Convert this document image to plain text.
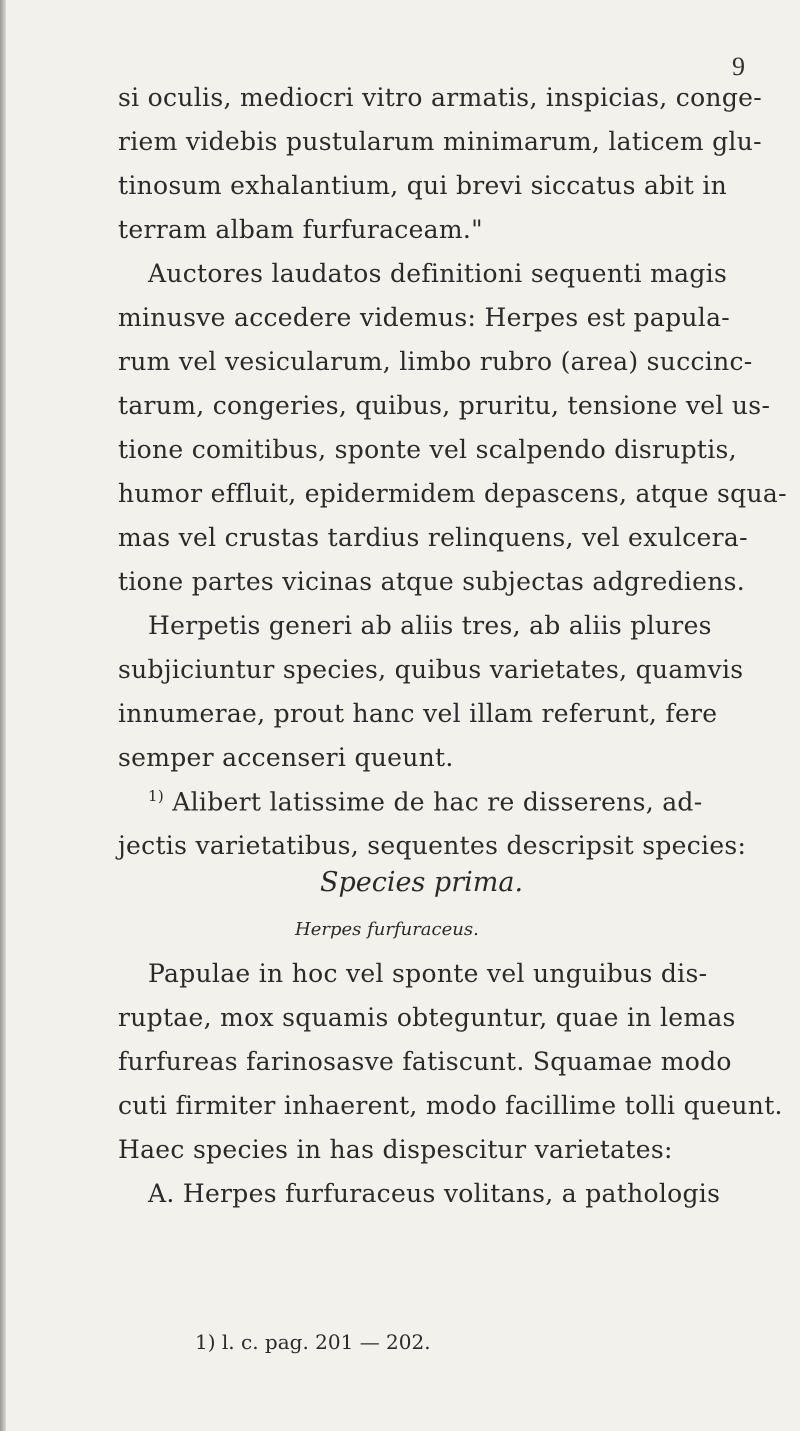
9
si oculis, mediocri vitro armatis, inspicias, conge-
riem videbis pustularum minimarum, laticem glu-
tinosum exhalantium, qui brevi siccatus abit in
terram albam furfuraceam."
Auctores laudatos definitioni sequenti magis
minusve accedere videmus: Herpes est papula-
rum vel vesicularum, limbo rubro (area) succinc-
tarum, congeries, quibus, pruritu, tensione vel us-
tione comitibus, sponte vel scalpendo disruptis,
humor effluit, epidermidem depascens, atque squa-
mas vel crustas tardius relinquens, vel exulcera-
tione partes vicinas atque subjectas adgrediens.
Herpetis generi ab aliis tres, ab aliis plures
subjiciuntur species, quibus varietates, quamvis
innumerae, prout hanc vel illam referunt, fere
semper accenseri queunt.
$^{1)}$ Alibert latissime de hac re disserens, ad-
jectis varietatibus, sequentes descripsit species:
Species prima.
Herpes furfuraceus.
Papulae in hoc vel sponte vel unguibus dis-
ruptae, mox squamis obteguntur, quae in lemas
furfureas farinosasve fatiscunt. Squamae modo
cuti firmiter inhaerent, modo facillime tolli queunt.
Haec species in has dispescitur varietates:
A. Herpes furfuraceus volitans, a pathologis
1) l. c. pag. 201 — 202.
